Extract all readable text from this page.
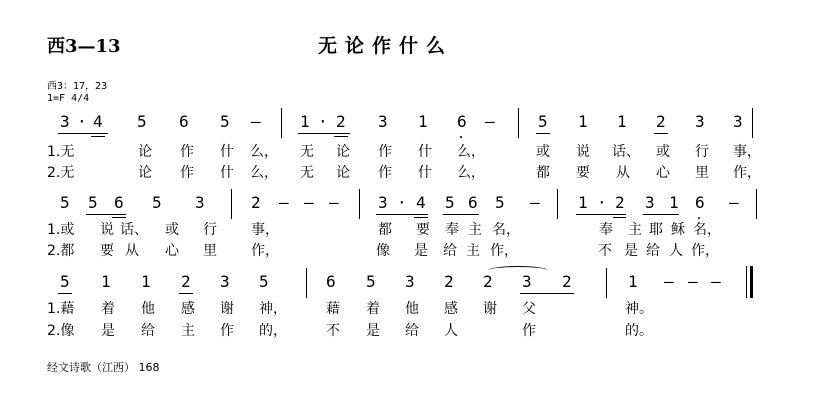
西3—13	无论作什么
西3：17，23
1=F 4/4
3 · 4 5 6 5 – 1 · 2 3 1 6 –	5 1 1 2 3 3
1.无	论 作 什 么， 无 论 作 什 么，	或 说 话、 或 行 事，
2.无	论 作 什 么， 无 论 作 什 么，	都 要 从 心 里 作，
5 5 6 5 3	2 – – – 3 · 4 5 6 5 – 1 · 2 3 1 6 –
1.或 说 话、 或 行 事，	都 要 奉 主 名，	奉 主 耶 稣 名，
2.都 要 从 心 里 作，	像 是 给 主 作，	不 是 给 人 作，
5 1 1 2 3 5	6 5 3 2 2 3 2	1 – – –
1.藉 着 他 感 谢 神，	藉 着 他 感 谢 父	神。
2.像 是 给 主 作 的，	不 是 给 人	作	的。
经文诗歌（江西） 168
